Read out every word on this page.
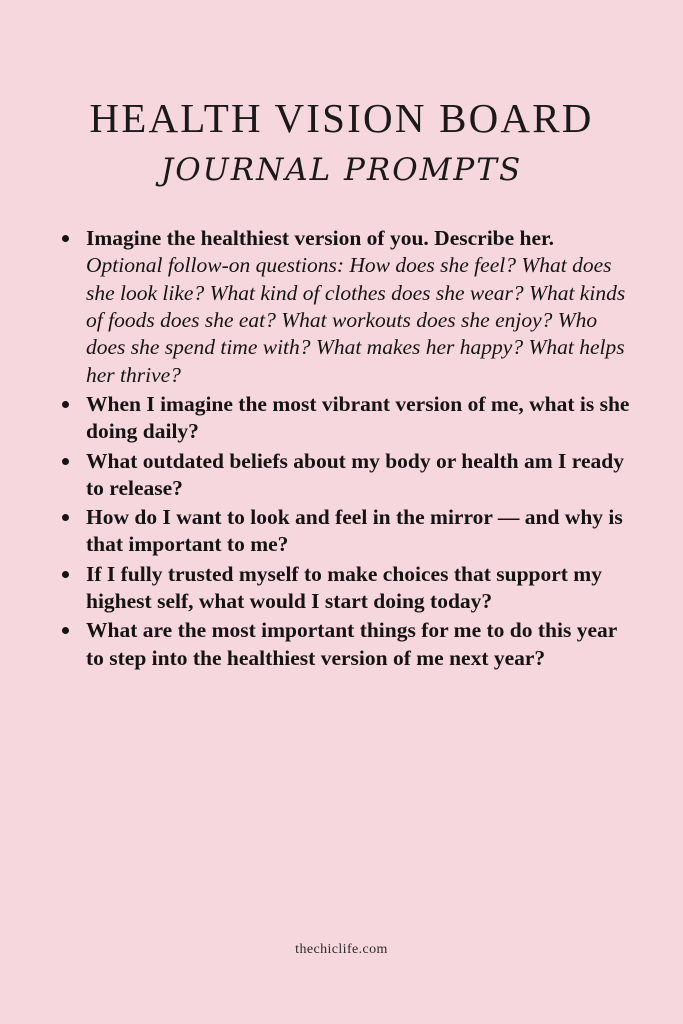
HEALTH VISION BOARD
JOURNAL PROMPTS
Imagine the healthiest version of you. Describe her. Optional follow-on questions: How does she feel? What does she look like? What kind of clothes does she wear? What kinds of foods does she eat? What workouts does she enjoy? Who does she spend time with? What makes her happy? What helps her thrive?
When I imagine the most vibrant version of me, what is she doing daily?
What outdated beliefs about my body or health am I ready to release?
How do I want to look and feel in the mirror — and why is that important to me?
If I fully trusted myself to make choices that support my highest self, what would I start doing today?
What are the most important things for me to do this year to step into the healthiest version of me next year?
thechiclife.com
